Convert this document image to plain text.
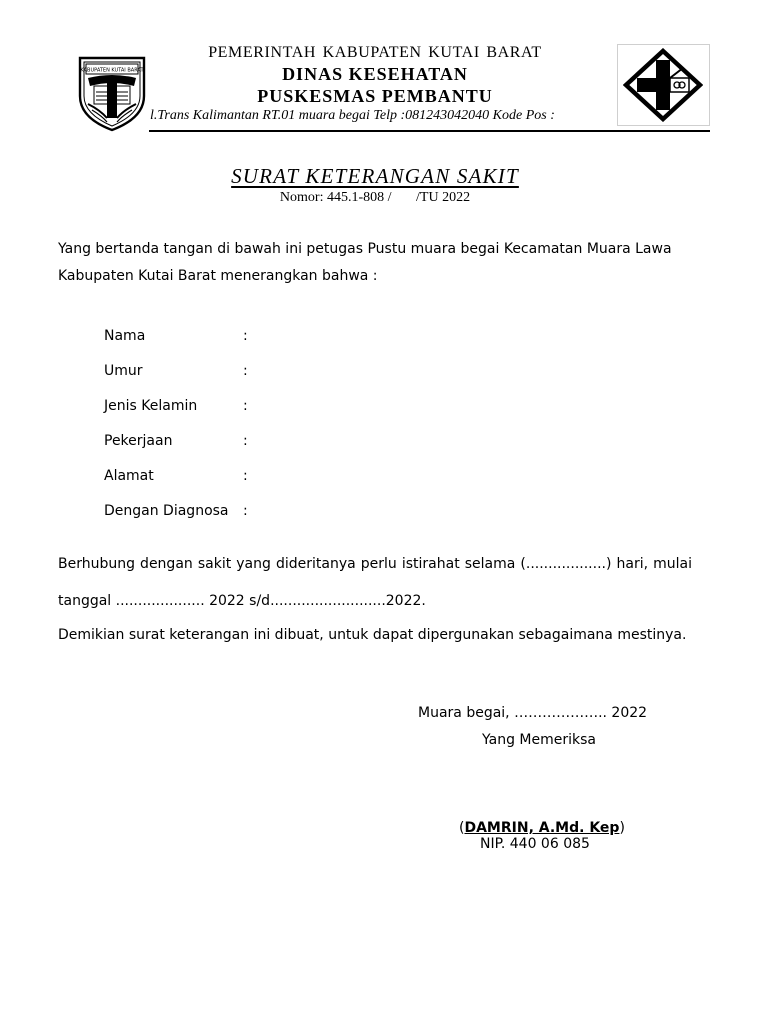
KABUPATEN KUTAI BARAT
PEMERINTAH KABUPATEN KUTAI BARAT
DINAS KESEHATAN
PUSKESMAS PEMBANTU
l.Trans Kalimantan RT.01 muara begai Telp :081243042040 Kode Pos :
SURAT KETERANGAN SAKIT
Nomor: 445.1-808 /       /TU 2022
Yang bertanda tangan di bawah ini petugas Pustu muara begai Kecamatan Muara Lawa
Kabupaten Kutai Barat menerangkan bahwa :
Nama	:
Umur	:
Jenis Kelamin	:
Pekerjaan	:
Alamat	:
Dengan Diagnosa :
Berhubung dengan sakit yang dideritanya perlu istirahat selama (..................) hari, mulai
tanggal .................... 2022 s/d..........................2022.
Demikian surat keterangan ini dibuat, untuk dapat dipergunakan sebagaimana mestinya.
Muara begai, ……………….. 2022
Yang Memeriksa
(DAMRIN, A.Md. Kep)
NIP. 440 06 085
